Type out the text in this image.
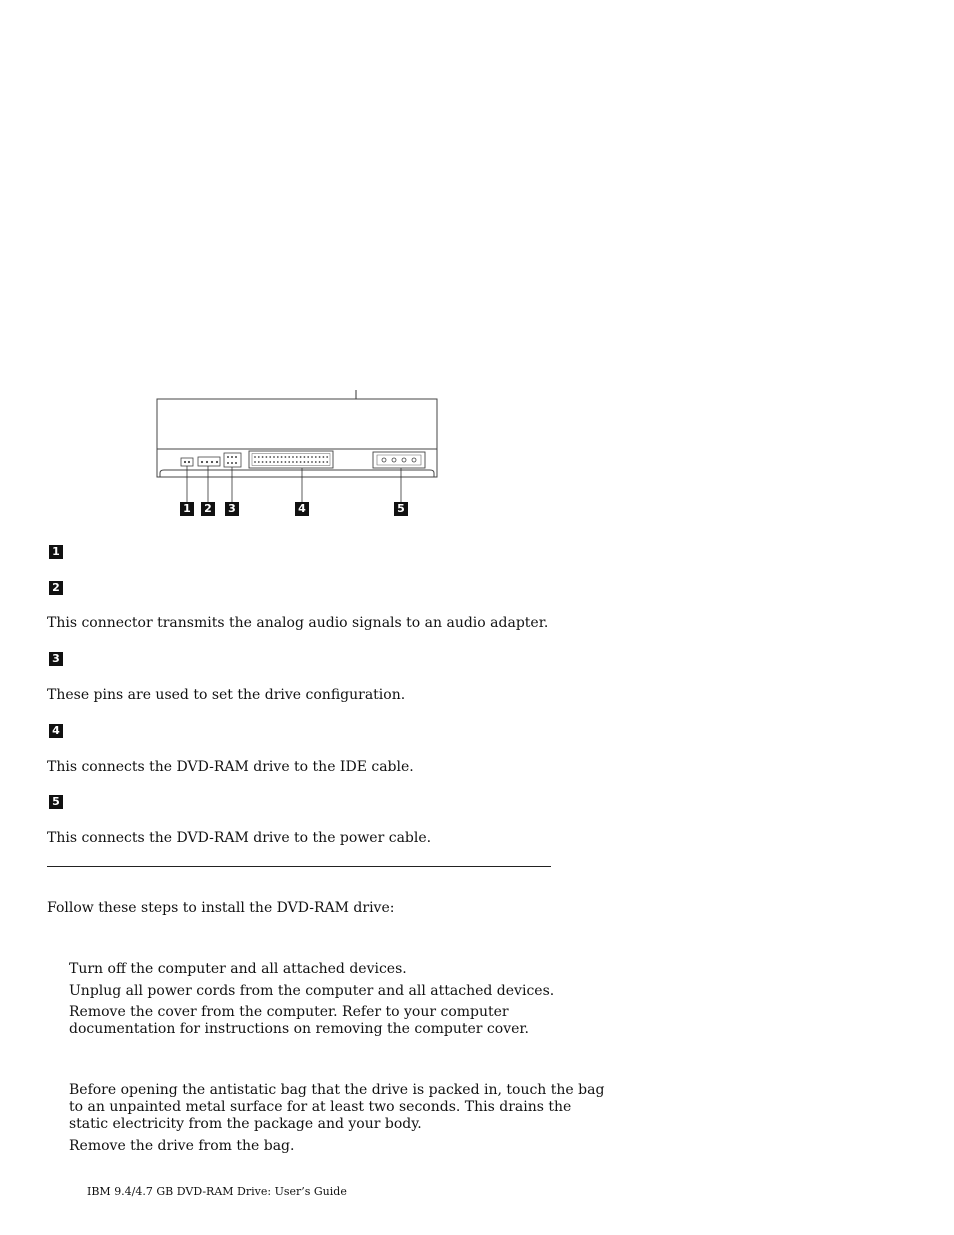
1 2 3	4	5
1
2
This connector transmits the analog audio signals to an audio adapter.
3
These pins are used to set the drive configuration.
4
This connects the DVD-RAM drive to the IDE cable.
5
This connects the DVD-RAM drive to the power cable.
Follow these steps to install the DVD-RAM drive:
Turn off the computer and all attached devices.
Unplug all power cords from the computer and all attached devices.
Remove the cover from the computer. Refer to your computer
documentation for instructions on removing the computer cover.
Before opening the antistatic bag that the drive is packed in, touch the bag
to an unpainted metal surface for at least two seconds. This drains the
static electricity from the package and your body.
Remove the drive from the bag.
IBM 9.4/4.7 GB DVD-RAM Drive: User’s Guide
